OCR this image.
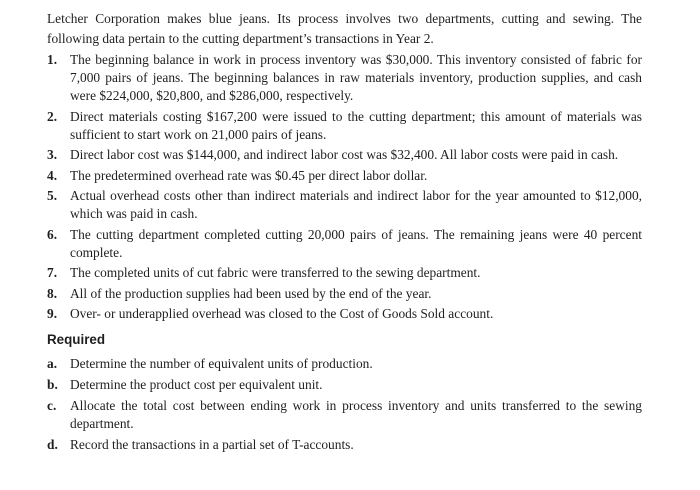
Letcher Corporation makes blue jeans. Its process involves two departments, cutting and sewing. The following data pertain to the cutting department’s transactions in Year 2.

1. The beginning balance in work in process inventory was $30,000. This inventory consisted of fabric for 7,000 pairs of jeans. The beginning balances in raw materials inventory, production supplies, and cash were $224,000, $20,800, and $286,000, respectively.
2. Direct materials costing $167,200 were issued to the cutting department; this amount of materials was sufficient to start work on 21,000 pairs of jeans.
3. Direct labor cost was $144,000, and indirect labor cost was $32,400. All labor costs were paid in cash.
4. The predetermined overhead rate was $0.45 per direct labor dollar.
5. Actual overhead costs other than indirect materials and indirect labor for the year amounted to $12,000, which was paid in cash.
6. The cutting department completed cutting 20,000 pairs of jeans. The remaining jeans were 40 percent complete.
7. The completed units of cut fabric were transferred to the sewing department.
8. All of the production supplies had been used by the end of the year.
9. Over- or underapplied overhead was closed to the Cost of Goods Sold account.
Required
a. Determine the number of equivalent units of production.
b. Determine the product cost per equivalent unit.
c.	Allocate the total cost between ending work in process inventory and units transferred to the sewing department.
d. Record the transactions in a partial set of T-accounts.
